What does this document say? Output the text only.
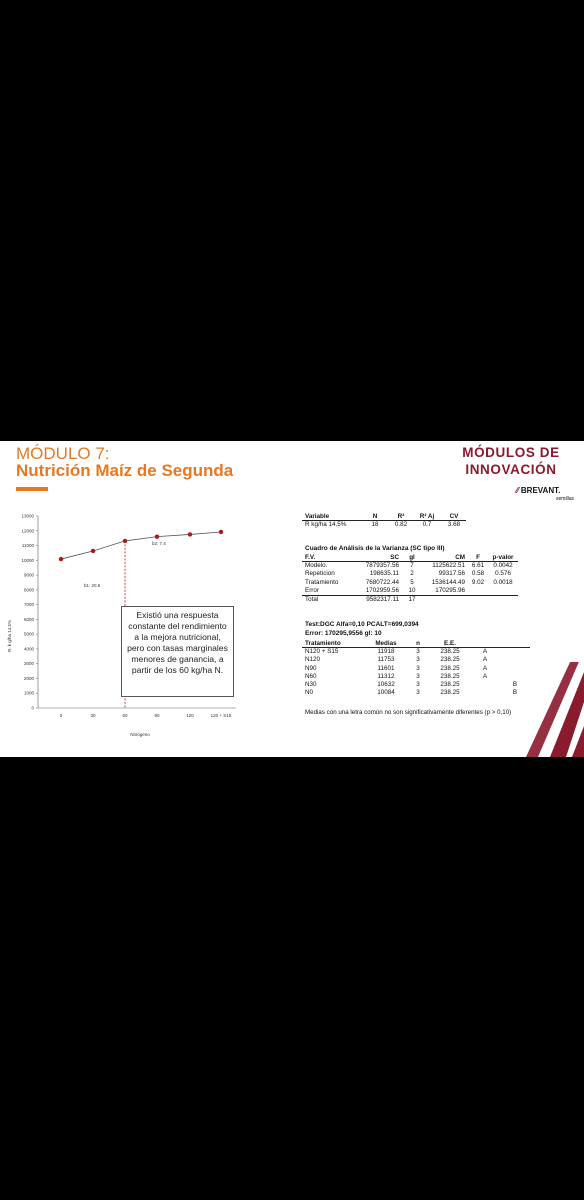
MÓDULO 7:
Nutrición Maíz de Segunda
MÓDULOS DE
INNOVACIÓN
⁄⁄ BREVANT.
semillas
0
1000
2000
3000
4000
5000
6000
7000
8000
9000
10000
11000
12000
13000
0	30	60	90	120	120 + S15
b1: 20.5
b2: 7.4
R. k g/ha 14.5%
Nitrógeno
Existió una respuesta constante del rendimiento a la mejora nutricional, pero con tasas marginales menores de ganancia, a partir de los 60 kg/ha N.
Variable	N	R²	R² Aj	CV
R kg/ha 14.5%	18	0.82	0.7	3.68
Cuadro de Análisis de la Varianza (SC tipo III)
F.V.	SC	gl	CM	F	p-valor
Modelo.	7879357.56	7	1125622.51	6.61	0.0042
Repeticion	198635.11	2	99317.56	0.58	0.576
Tratamiento	7680722.44	5	1536144.49	9.02	0.0018
Error	1702959.56	10	170295.96		
Total	9582317.11	17			
Test:DGC Alfa=0,10 PCALT=699,0394
Error: 170295,9556 gl: 10
Tratamiento	Medias	n	E.E.		
N120 + S15	11918	3	238.25	A	
N120	11753	3	238.25	A	
N90	11601	3	238.25	A	
N60	11312	3	238.25	A	
N30	10632	3	238.25		B
N0	10084	3	238.25		B
Medias con una letra común no son significativamente diferentes (p > 0,10)
